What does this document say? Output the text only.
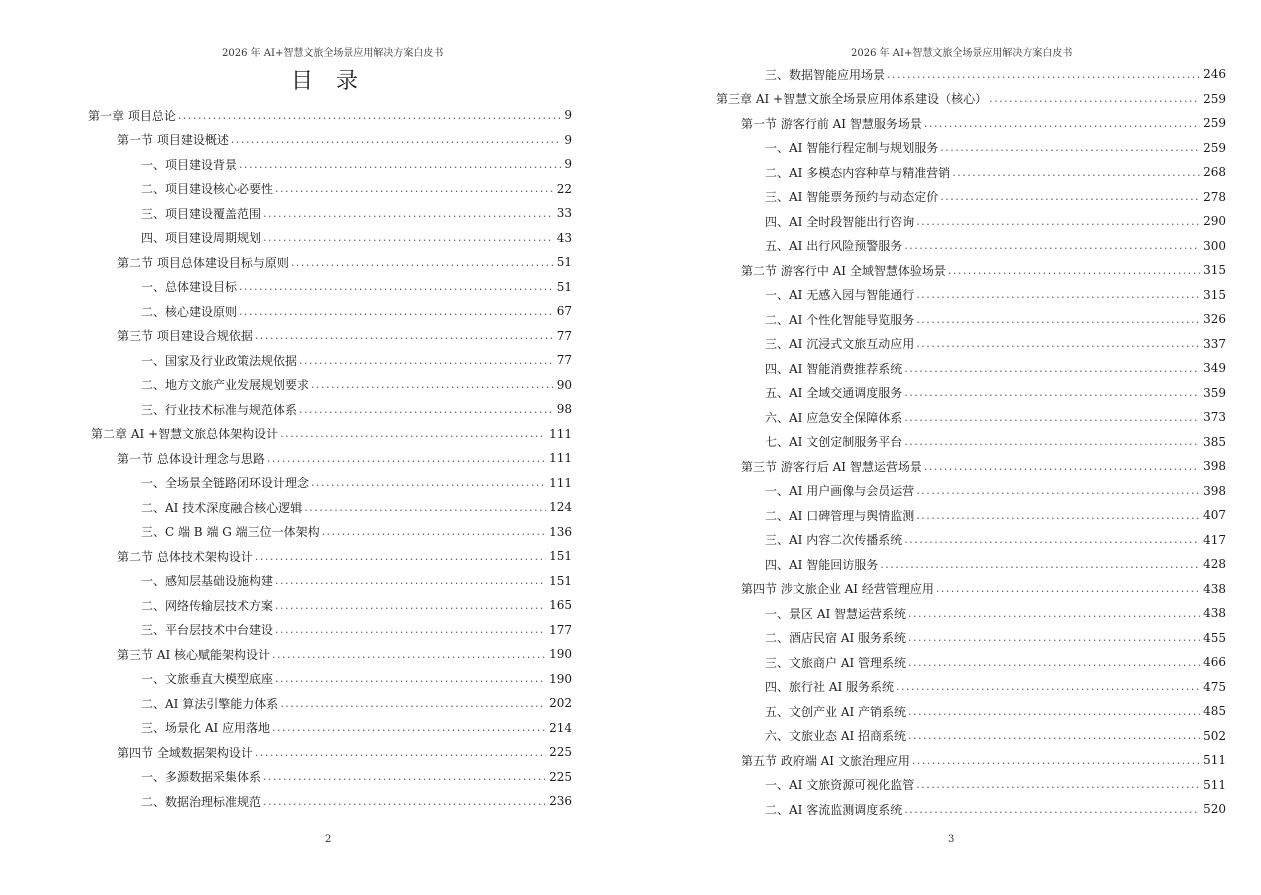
2026 年 AI+智慧文旅全场景应用解决方案白皮书
目 录
第一章 项目总论 .....	9
第一节 项目建设概述 .....	9
一、项目建设背景 .....	9
二、项目建设核心必要性 .....	22
三、项目建设覆盖范围 .....	33
四、项目建设周期规划 .....	43
第二节 项目总体建设目标与原则 .....	51
一、总体建设目标 .....	51
二、核心建设原则 .....	67
第三节 项目建设合规依据 .....	77
一、国家及行业政策法规依据 .....	77
二、地方文旅产业发展规划要求 .....	90
三、行业技术标准与规范体系 .....	98
第二章 AI +智慧文旅总体架构设计 .....	111
第一节 总体设计理念与思路 .....	111
一、全场景全链路闭环设计理念 .....	111
二、AI 技术深度融合核心逻辑 .....	124
三、C 端 B 端 G 端三位一体架构 .....	136
第二节 总体技术架构设计 .....	151
一、感知层基础设施构建 .....	151
二、网络传输层技术方案 .....	165
三、平台层技术中台建设 .....	177
第三节 AI 核心赋能架构设计 .....	190
一、文旅垂直大模型底座 .....	190
二、AI 算法引擎能力体系 .....	202
三、场景化 AI 应用落地 .....	214
第四节 全域数据架构设计 .....	225
一、多源数据采集体系 .....	225
二、数据治理标准规范 .....	236
2
2026 年 AI+智慧文旅全场景应用解决方案白皮书
三、数据智能应用场景 .....	246
第三章 AI +智慧文旅全场景应用体系建设（核心） .....	259
第一节 游客行前 AI 智慧服务场景 .....	259
一、AI 智能行程定制与规划服务 .....	259
二、AI 多模态内容种草与精准营销 .....	268
三、AI 智能票务预约与动态定价 .....	278
四、AI 全时段智能出行咨询 .....	290
五、AI 出行风险预警服务 .....	300
第二节 游客行中 AI 全域智慧体验场景 .....	315
一、AI 无感入园与智能通行 .....	315
二、AI 个性化智能导览服务 .....	326
三、AI 沉浸式文旅互动应用 .....	337
四、AI 智能消费推荐系统 .....	349
五、AI 全域交通调度服务 .....	359
六、AI 应急安全保障体系 .....	373
七、AI 文创定制服务平台 .....	385
第三节 游客行后 AI 智慧运营场景 .....	398
一、AI 用户画像与会员运营 .....	398
二、AI 口碑管理与舆情监测 .....	407
三、AI 内容二次传播系统 .....	417
四、AI 智能回访服务 .....	428
第四节 涉文旅企业 AI 经营管理应用 .....	438
一、景区 AI 智慧运营系统 .....	438
二、酒店民宿 AI 服务系统 .....	455
三、文旅商户 AI 管理系统 .....	466
四、旅行社 AI 服务系统 .....	475
五、文创产业 AI 产销系统 .....	485
六、文旅业态 AI 招商系统 .....	502
第五节 政府端 AI 文旅治理应用 .....	511
一、AI 文旅资源可视化监管 .....	511
二、AI 客流监测调度系统 .....	520
3
